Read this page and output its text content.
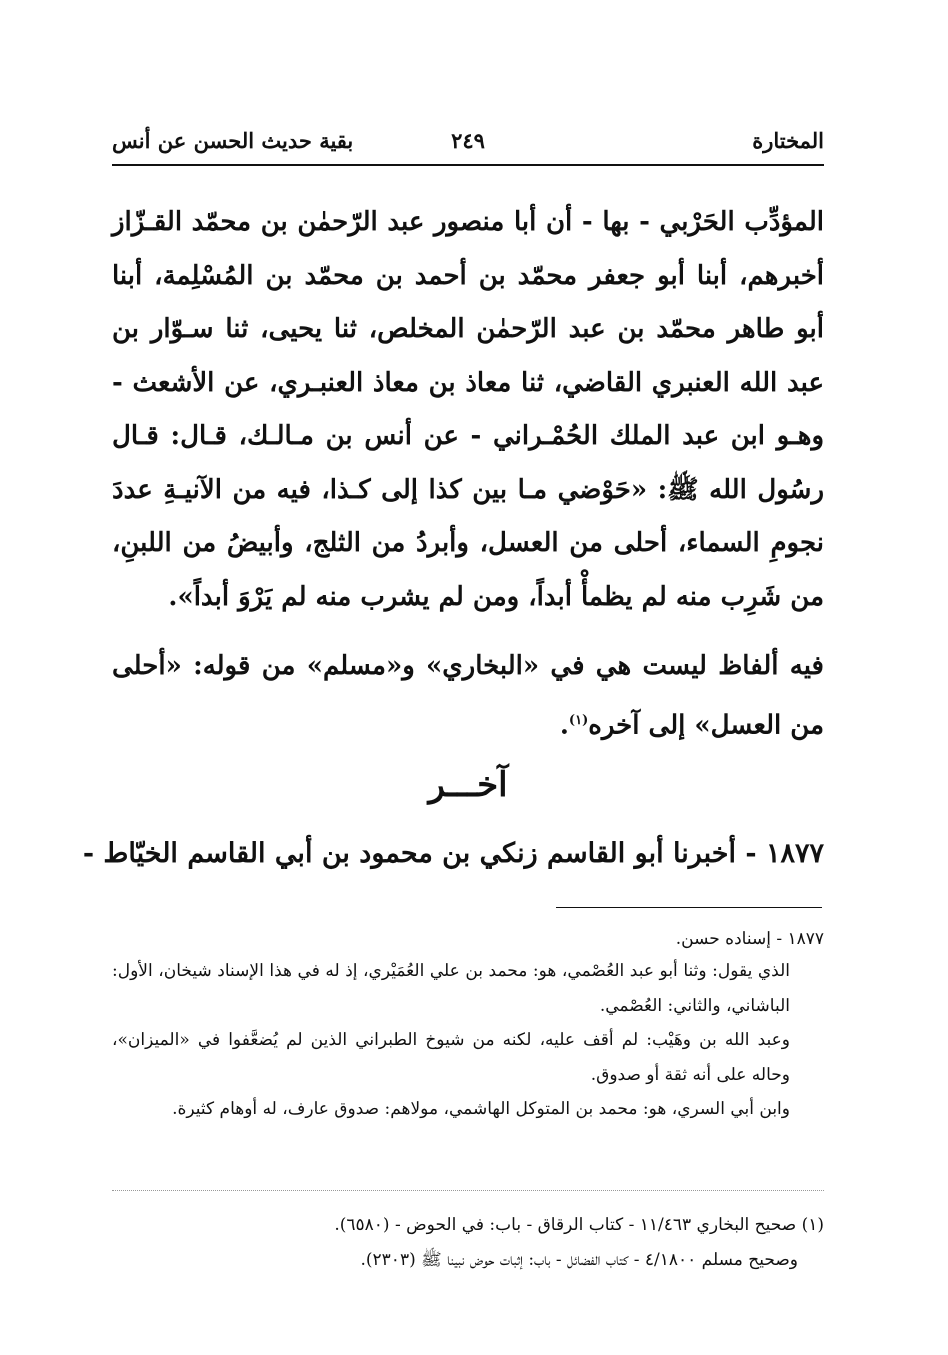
المختارة
٢٤٩
بقية حديث الحسن عن أنس

المؤدِّب الحَرْبي - بها - أن أبا منصور عبد الرّحمٰن بن محمّد القـزّاز أخبرهم، أبنا أبو جعفر محمّد بن أحمد بن محمّد بن المُسْلِمة، أبنا أبو طاهر محمّد بن عبد الرّحمٰن المخلص، ثنا يحيى، ثنا سـوّار بن عبد الله العنبري القاضي، ثنا معاذ بن معاذ العنبـري، عن الأشعث - وهـو ابن عبد الملك الحُمْـراني - عن أنس بن مـالـك، قـال: قـال رسُول الله ﷺ: «حَوْضي مـا بين كذا إلى كـذا، فيه من الآنيـةِ عددَ نجومِ السماء، أحلى من العسل، وأبردُ من الثلج، وأبيضُ من اللبنِ، من شَرِب منه لم يظمأْ أبداً، ومن لم يشرب منه لم يَرْوَ أبداً».

فيه ألفاظ ليست هي في «البخاري» و«مسلم» من قوله: «أحلى من العسل» إلى آخره$^{(١)}$.

آخـــر
١٨٧٧ - أخبرنا أبو القاسم زنكي بن محمود بن أبي القاسم الخيّاط -

١٨٧٧ - إسناده حسن.

الذي يقول: وثنا أبو عبد العُصْمي، هو: محمد بن علي العُمَيْري، إذ له في هذا الإسناد شيخان، الأول: الباشاني، والثاني: العُصْمي.

وعبد الله بن وهَيْب: لم أقف عليه، لكنه من شيوخ الطبراني الذين لم يُضعَّفوا في «الميزان»، وحاله على أنه ثقة أو صدوق.

وابن أبي السري، هو: محمد بن المتوكل الهاشمي، مولاهم: صدوق عارف، له أوهام كثيرة.

(١) صحيح البخاري ١١/٤٦٣ - كتاب الرقاق - باب: في الحوض - (٦٥٨٠).

وصحيح مسلم ٤/١٨٠٠ - كتاب الفضائل - باب: إثبات حوض نبينا ﷺ (٢٣٠٣).
